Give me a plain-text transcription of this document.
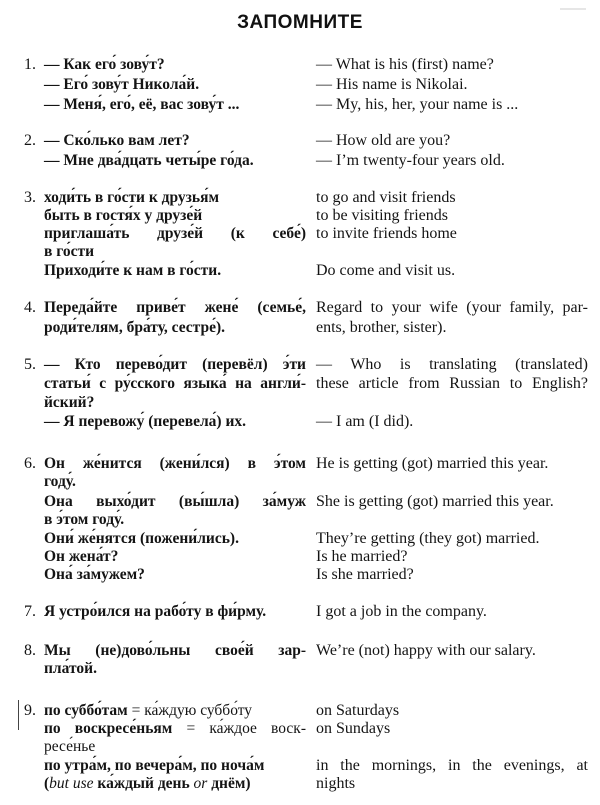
ЗАПОМНИТЕ
1. — Как его́ зову́т?
— Его́ зову́т Никола́й.
— Меня́, его́, её, вас зову́т ...
— What is his (first) name?
— His name is Nikolai.
— My, his, her, your name is ...
2. — Ско́лько вам лет?
— Мне два́дцать четы́ре го́да.
— How old are you?
— I’m twenty-four years old.
3. ходи́ть в го́сти к друзья́м
быть в гостя́х у друзе́й
приглаша́ть друзе́й (к себе́)
в го́сти
Приходи́те к нам в го́сти.
to go and visit friends
to be visiting friends
to invite friends home
Do come and visit us.
4. Переда́йте приве́т жене́ (семье́,
роди́телям, бра́ту, сестре́).
Regard to your wife (your family, par-
ents, brother, sister).
5. — Кто перево́дит (перевёл) э́ти
статьи́ с ру́сского языка́ на англи́-
йский?
— Я перевожу́ (перевела́) их.
— Who is translating (translated)
these article from Russian to English?
— I am (I did).
6. Он же́нится (жени́лся) в э́том
году́.
Она выхо́дит (вы́шла) за́муж
в э́том году́.
Они́ же́нятся (пожени́лись).
Он жена́т?
Она́ за́мужем?
He is getting (got) married this year.
She is getting (got) married this year.
They’re getting (they got) married.
Is he married?
Is she married?
7. Я устро́ился на рабо́ту в фи́рму.	I got a job in the company.
8. Мы (не)дово́льны свое́й зар-
пла́той.
We’re (not) happy with our salary.
9. по суббо́там = ка́ждую суббо́ту
по воскресе́ньям = ка́ждое воск-
ресе́нье
по утра́м, по вечера́м, по ноча́м
(but use ка́ждый день or днём)
on Saturdays
on Sundays
in the mornings, in the evenings, at
nights
